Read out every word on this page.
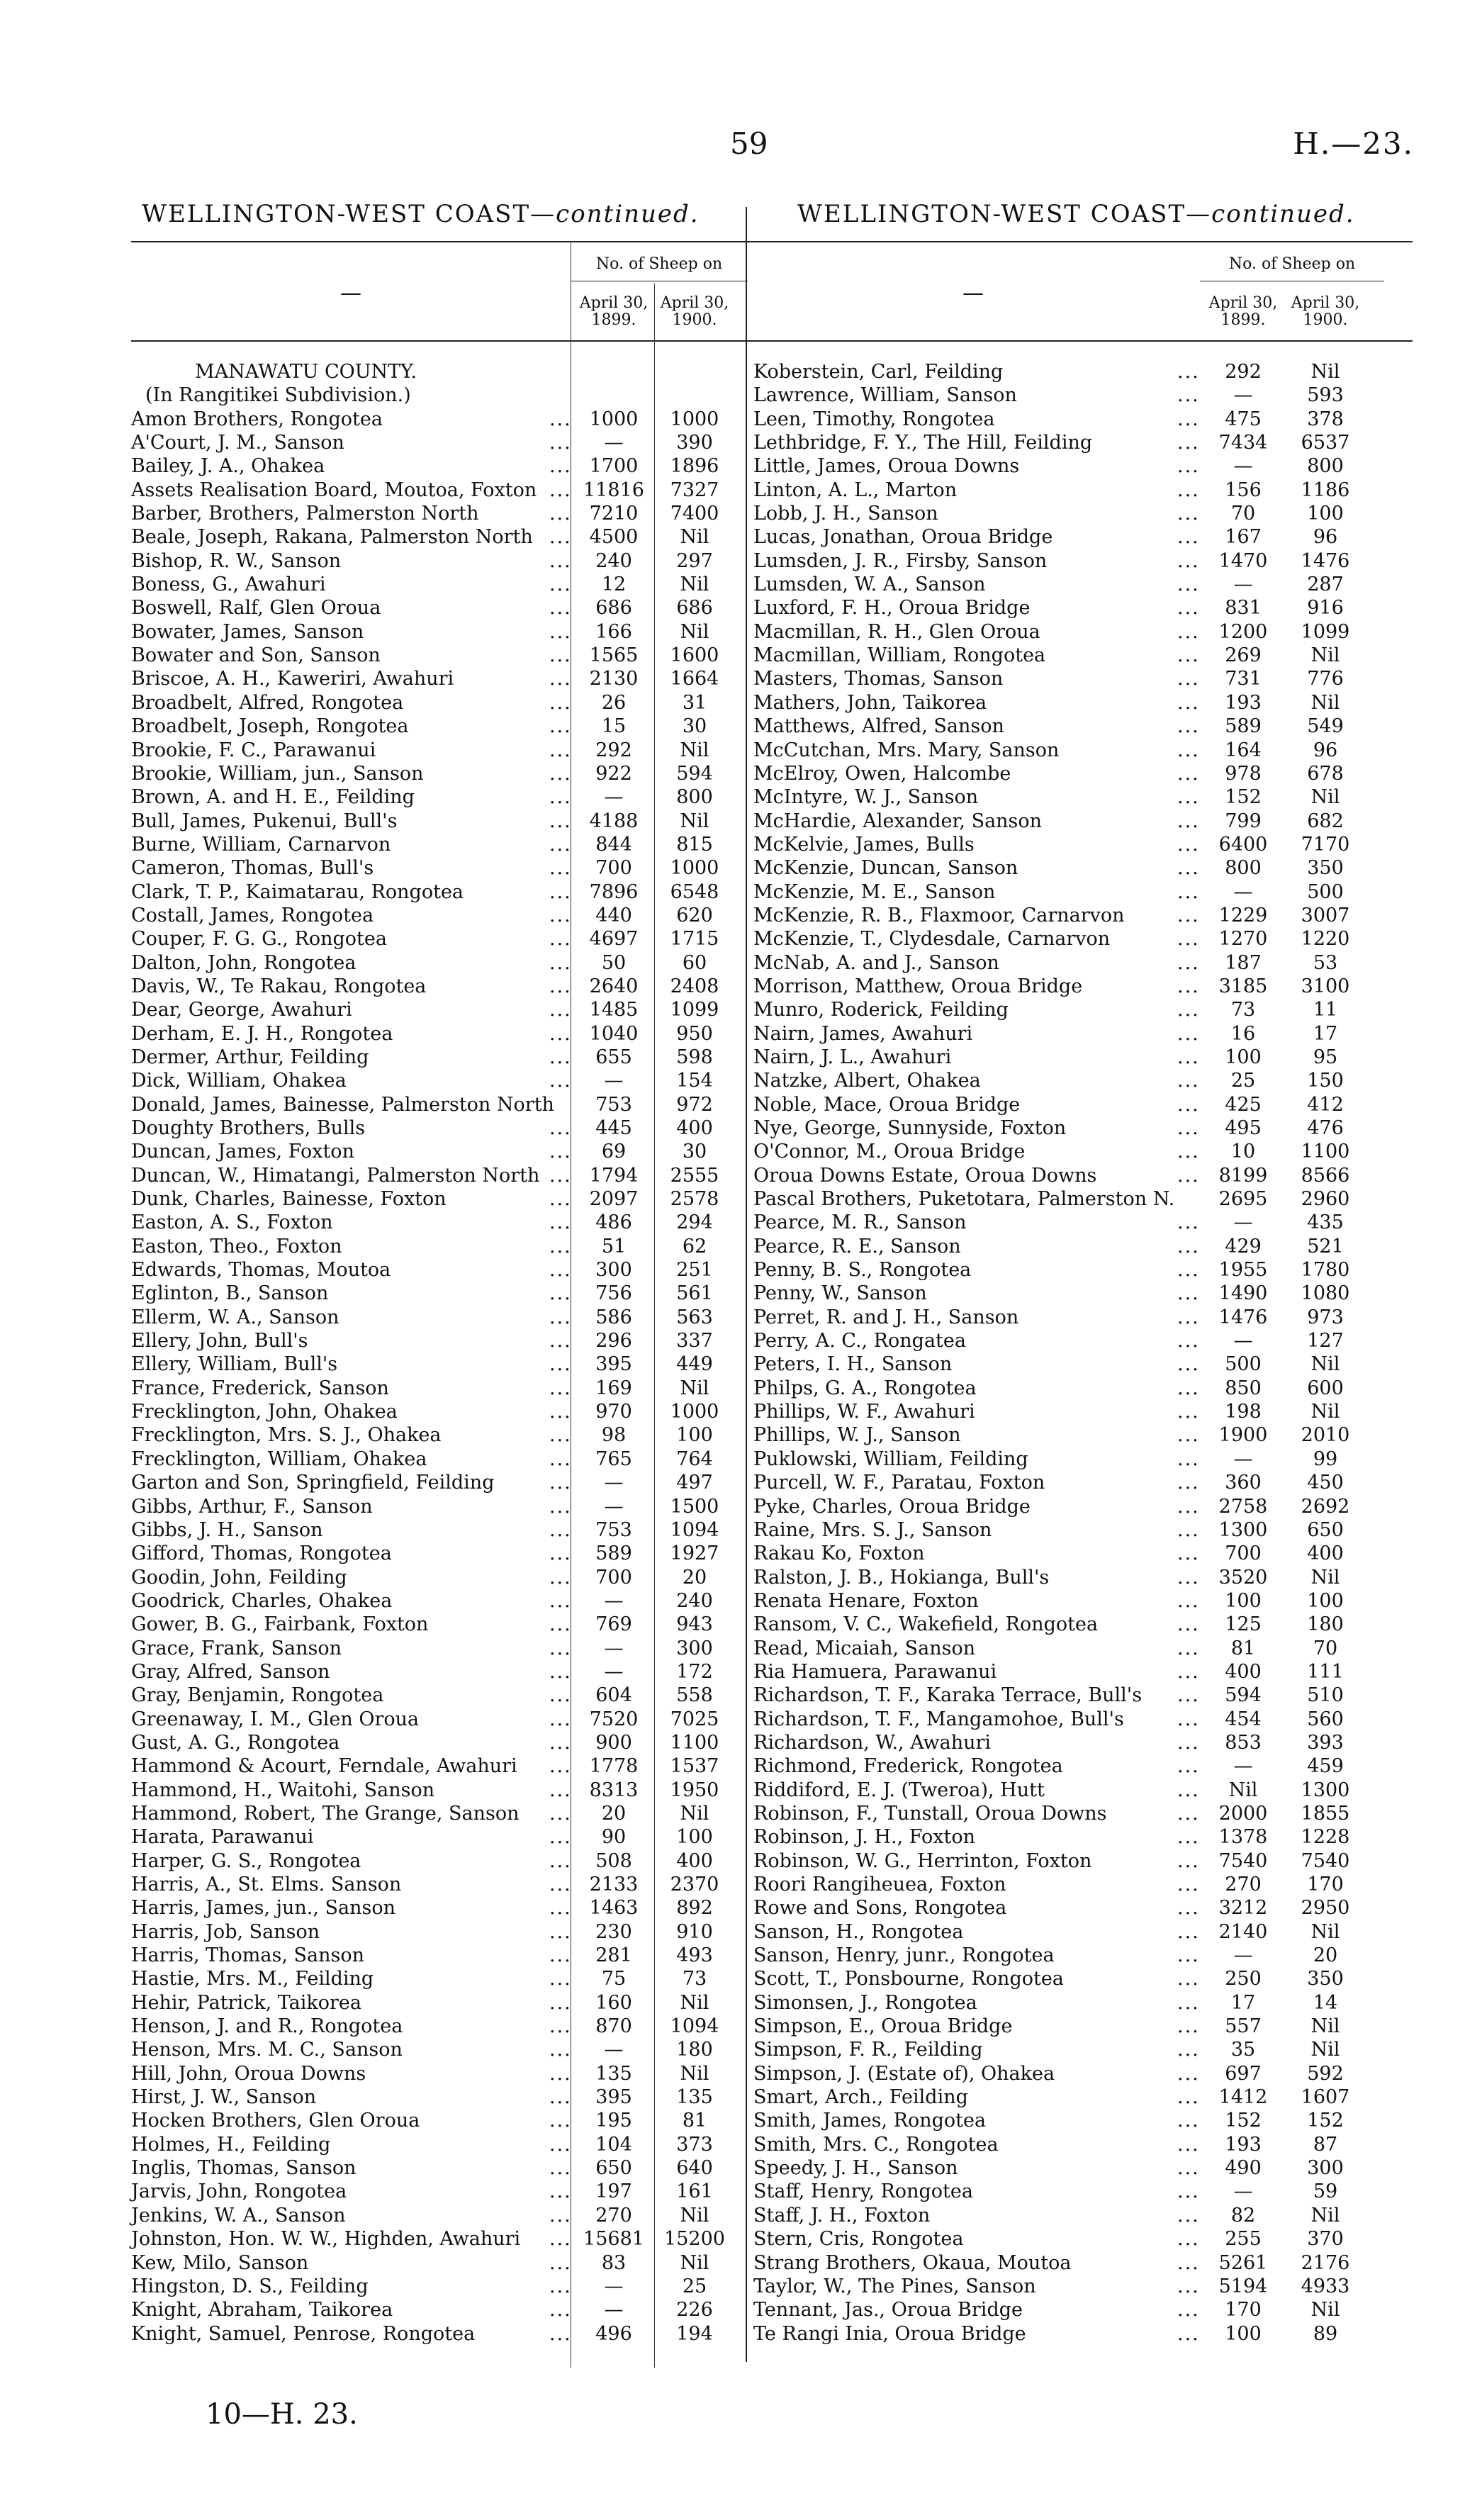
59	H.—23.
WELLINGTON-WEST COAST—continued.	WELLINGTON-WEST COAST—continued.
—
No. of Sheep on
April 30,
1899.
April 30,
1900.
MANAWATU COUNTY.
(In Rangitikei Subdivision.)
Amon Brothers, Rongotea	... 1000	1000
A'Court, J. M., Sanson	...	—	390
Bailey, J. A., Ohakea	... 1700	1896
Assets Realisation Board, Moutoa, Foxton ... 11816	7327
Barber, Brothers, Palmerston North	... 7210	7400
Beale, Joseph, Rakana, Palmerston North ... 4500	Nil
Bishop, R. W., Sanson	...	240	297
Boness, G., Awahuri	...	12	Nil
Boswell, Ralf, Glen Oroua	...	686	686
Bowater, James, Sanson	...	166	Nil
Bowater and Son, Sanson	... 1565	1600
Briscoe, A. H., Kaweriri, Awahuri	... 2130	1664
Broadbelt, Alfred, Rongotea	...	26	31
Broadbelt, Joseph, Rongotea	...	15	30
Brookie, F. C., Parawanui	...	292	Nil
Brookie, William, jun., Sanson	...	922	594
Brown, A. and H. E., Feilding	...	—	800
Bull, James, Pukenui, Bull's	... 4188	Nil
Burne, William, Carnarvon	...	844	815
Cameron, Thomas, Bull's	...	700	1000
Clark, T. P., Kaimatarau, Rongotea	... 7896	6548
Costall, James, Rongotea	...	440	620
Couper, F. G. G., Rongotea	... 4697	1715
Dalton, John, Rongotea	...	50	60
Davis, W., Te Rakau, Rongotea	... 2640	2408
Dear, George, Awahuri	... 1485	1099
Derham, E. J. H., Rongotea	... 1040	950
Dermer, Arthur, Feilding	...	655	598
Dick, William, Ohakea	...	—	154
Donald, James, Bainesse, Palmerston North	753	972
Doughty Brothers, Bulls	...	445	400
Duncan, James, Foxton	...	69	30
Duncan, W., Himatangi, Palmerston North ... 1794	2555
Dunk, Charles, Bainesse, Foxton	... 2097	2578
Easton, A. S., Foxton	...	486	294
Easton, Theo., Foxton	...	51	62
Edwards, Thomas, Moutoa	...	300	251
Eglinton, B., Sanson	...	756	561
Ellerm, W. A., Sanson	...	586	563
Ellery, John, Bull's	...	296	337
Ellery, William, Bull's	...	395	449
France, Frederick, Sanson	...	169	Nil
Frecklington, John, Ohakea	...	970	1000
Frecklington, Mrs. S. J., Ohakea	...	98	100
Frecklington, William, Ohakea	...	765	764
Garton and Son, Springfield, Feilding	...	—	497
Gibbs, Arthur, F., Sanson	...	—	1500
Gibbs, J. H., Sanson	...	753	1094
Gifford, Thomas, Rongotea	...	589	1927
Goodin, John, Feilding	...	700	20
Goodrick, Charles, Ohakea	...	—	240
Gower, B. G., Fairbank, Foxton	...	769	943
Grace, Frank, Sanson	...	—	300
Gray, Alfred, Sanson	...	—	172
Gray, Benjamin, Rongotea	...	604	558
Greenaway, I. M., Glen Oroua	... 7520	7025
Gust, A. G., Rongotea	...	900	1100
Hammond & Acourt, Ferndale, Awahuri ... 1778	1537
Hammond, H., Waitohi, Sanson	... 8313	1950
Hammond, Robert, The Grange, Sanson ...	20	Nil
Harata, Parawanui	...	90	100
Harper, G. S., Rongotea	...	508	400
Harris, A., St. Elms. Sanson	... 2133	2370
Harris, James, jun., Sanson	... 1463	892
Harris, Job, Sanson	...	230	910
Harris, Thomas, Sanson	...	281	493
Hastie, Mrs. M., Feilding	...	75	73
Hehir, Patrick, Taikorea	...	160	Nil
Henson, J. and R., Rongotea	...	870	1094
Henson, Mrs. M. C., Sanson	...	—	180
Hill, John, Oroua Downs	...	135	Nil
Hirst, J. W., Sanson	...	395	135
Hocken Brothers, Glen Oroua	...	195	81
Holmes, H., Feilding	...	104	373
Inglis, Thomas, Sanson	...	650	640
Jarvis, John, Rongotea	...	197	161
Jenkins, W. A., Sanson	...	270	Nil
Johnston, Hon. W. W., Highden, Awahuri ... 15681	15200
Kew, Milo, Sanson	...	83	Nil
Hingston, D. S., Feilding	...	—	25
Knight, Abraham, Taikorea	...	—	226
Knight, Samuel, Penrose, Rongotea	...	496	194
—
No. of Sheep on
April 30,
1899.
April 30,
1900.
Koberstein, Carl, Feilding	...	292	Nil
Lawrence, William, Sanson	...	—	593
Leen, Timothy, Rongotea	...	475	378
Lethbridge, F. Y., The Hill, Feilding	... 7434	6537
Little, James, Oroua Downs	...	—	800
Linton, A. L., Marton	...	156	1186
Lobb, J. H., Sanson	...	70	100
Lucas, Jonathan, Oroua Bridge	...	167	96
Lumsden, J. R., Firsby, Sanson	... 1470	1476
Lumsden, W. A., Sanson	...	—	287
Luxford, F. H., Oroua Bridge	...	831	916
Macmillan, R. H., Glen Oroua	... 1200	1099
Macmillan, William, Rongotea	...	269	Nil
Masters, Thomas, Sanson	...	731	776
Mathers, John, Taikorea	...	193	Nil
Matthews, Alfred, Sanson	...	589	549
McCutchan, Mrs. Mary, Sanson	...	164	96
McElroy, Owen, Halcombe	...	978	678
McIntyre, W. J., Sanson	...	152	Nil
McHardie, Alexander, Sanson	...	799	682
McKelvie, James, Bulls	... 6400	7170
McKenzie, Duncan, Sanson	...	800	350
McKenzie, M. E., Sanson	...	—	500
McKenzie, R. B., Flaxmoor, Carnarvon	... 1229	3007
McKenzie, T., Clydesdale, Carnarvon	... 1270	1220
McNab, A. and J., Sanson	...	187	53
Morrison, Matthew, Oroua Bridge	... 3185	3100
Munro, Roderick, Feilding	...	73	11
Nairn, James, Awahuri	...	16	17
Nairn, J. L., Awahuri	...	100	95
Natzke, Albert, Ohakea	...	25	150
Noble, Mace, Oroua Bridge	...	425	412
Nye, George, Sunnyside, Foxton	...	495	476
O'Connor, M., Oroua Bridge	...	10	1100
Oroua Downs Estate, Oroua Downs	... 8199	8566
Pascal Brothers, Puketotara, Palmerston N.	2695	2960
Pearce, M. R., Sanson	...	—	435
Pearce, R. E., Sanson	...	429	521
Penny, B. S., Rongotea	... 1955	1780
Penny, W., Sanson	... 1490	1080
Perret, R. and J. H., Sanson	... 1476	973
Perry, A. C., Rongatea	...	—	127
Peters, I. H., Sanson	...	500	Nil
Philps, G. A., Rongotea	...	850	600
Phillips, W. F., Awahuri	...	198	Nil
Phillips, W. J., Sanson	... 1900	2010
Puklowski, William, Feilding	...	—	99
Purcell, W. F., Paratau, Foxton	...	360	450
Pyke, Charles, Oroua Bridge	... 2758	2692
Raine, Mrs. S. J., Sanson	... 1300	650
Rakau Ko, Foxton	...	700	400
Ralston, J. B., Hokianga, Bull's	... 3520	Nil
Renata Henare, Foxton	...	100	100
Ransom, V. C., Wakefield, Rongotea	...	125	180
Read, Micaiah, Sanson	...	81	70
Ria Hamuera, Parawanui	...	400	111
Richardson, T. F., Karaka Terrace, Bull's ...	594	510
Richardson, T. F., Mangamohoe, Bull's	...	454	560
Richardson, W., Awahuri	...	853	393
Richmond, Frederick, Rongotea	...	—	459
Riddiford, E. J. (Tweroa), Hutt	...	Nil	1300
Robinson, F., Tunstall, Oroua Downs	... 2000	1855
Robinson, J. H., Foxton	... 1378	1228
Robinson, W. G., Herrinton, Foxton	... 7540	7540
Roori Rangiheuea, Foxton	...	270	170
Rowe and Sons, Rongotea	... 3212	2950
Sanson, H., Rongotea	... 2140	Nil
Sanson, Henry, junr., Rongotea	...	—	20
Scott, T., Ponsbourne, Rongotea	...	250	350
Simonsen, J., Rongotea	...	17	14
Simpson, E., Oroua Bridge	...	557	Nil
Simpson, F. R., Feilding	...	35	Nil
Simpson, J. (Estate of), Ohakea	...	697	592
Smart, Arch., Feilding	... 1412	1607
Smith, James, Rongotea	...	152	152
Smith, Mrs. C., Rongotea	...	193	87
Speedy, J. H., Sanson	...	490	300
Staff, Henry, Rongotea	...	—	59
Staff, J. H., Foxton	...	82	Nil
Stern, Cris, Rongotea	...	255	370
Strang Brothers, Okaua, Moutoa	... 5261	2176
Taylor, W., The Pines, Sanson	... 5194	4933
Tennant, Jas., Oroua Bridge	...	170	Nil
Te Rangi Inia, Oroua Bridge	...	100	89
10—H. 23.
